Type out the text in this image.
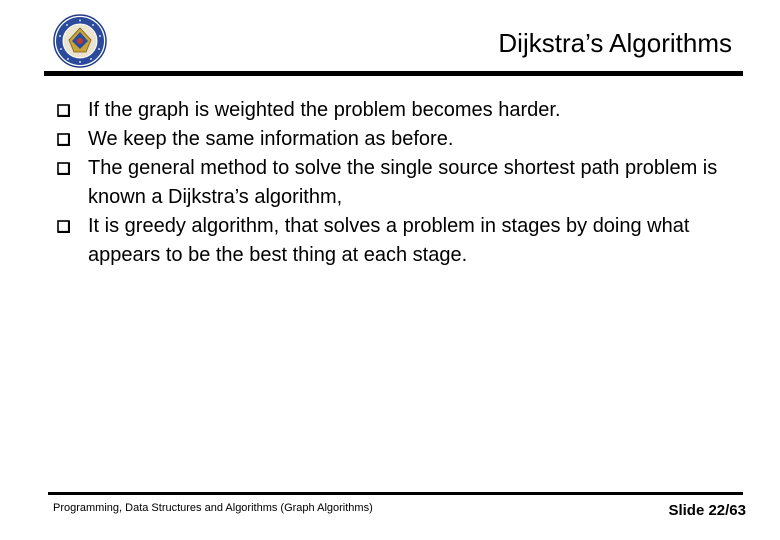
Dijkstra’s Algorithms
If the graph is weighted the problem becomes harder.
We keep the same information as before.
The general method to solve the single source shortest path problem is known a Dijkstra’s algorithm,
It is greedy algorithm, that solves a problem in stages by doing what appears to be the best thing at each stage.
Programming, Data Structures and Algorithms (Graph Algorithms)	Slide 22/63
